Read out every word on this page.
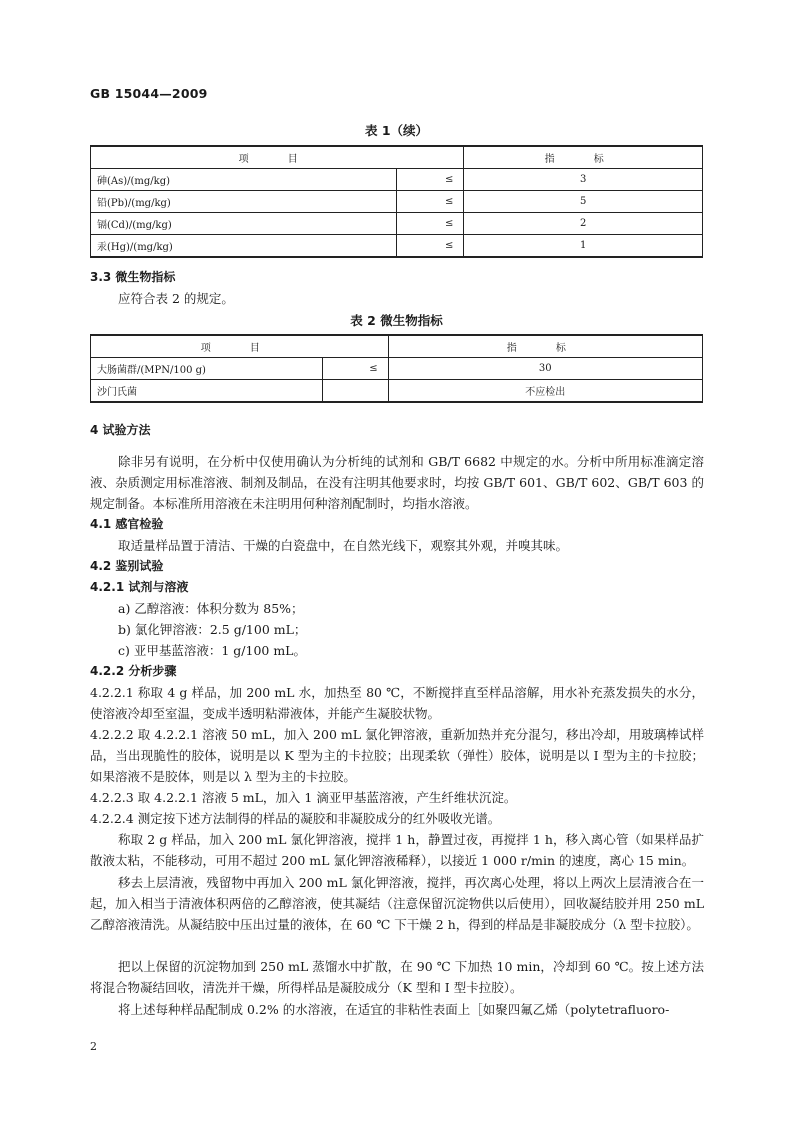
GB 15044—2009
表 1（续）
项 目		指 标
砷(As)/(mg/kg)	≤	3
铅(Pb)/(mg/kg)	≤	5
镉(Cd)/(mg/kg)	≤	2
汞(Hg)/(mg/kg)	≤	1
3.3 微生物指标
应符合表 2 的规定。
表 2 微生物指标
项 目		指 标
大肠菌群/(MPN/100 g)	≤	30
沙门氏菌		不应检出
4 试验方法
除非另有说明，在分析中仅使用确认为分析纯的试剂和 GB/T 6682 中规定的水。分析中所用标准滴定溶液、杂质测定用标准溶液、制剂及制品，在没有注明其他要求时，均按 GB/T 601、GB/T 602、GB/T 603 的规定制备。本标准所用溶液在未注明用何种溶剂配制时，均指水溶液。
4.1 感官检验
取适量样品置于清洁、干燥的白瓷盘中，在自然光线下，观察其外观，并嗅其味。
4.2 鉴别试验
4.2.1 试剂与溶液
a) 乙醇溶液：体积分数为 85%；
b) 氯化钾溶液：2.5 g/100 mL；
c) 亚甲基蓝溶液：1 g/100 mL。
4.2.2 分析步骤
4.2.2.1 称取 4 g 样品，加 200 mL 水，加热至 80 ℃，不断搅拌直至样品溶解，用水补充蒸发损失的水分，使溶液冷却至室温，变成半透明粘滞液体，并能产生凝胶状物。
4.2.2.2 取 4.2.2.1 溶液 50 mL，加入 200 mL 氯化钾溶液，重新加热并充分混匀，移出冷却，用玻璃棒试样品，当出现脆性的胶体，说明是以 K 型为主的卡拉胶；出现柔软（弹性）胶体，说明是以 I 型为主的卡拉胶；如果溶液不是胶体，则是以 λ 型为主的卡拉胶。
4.2.2.3 取 4.2.2.1 溶液 5 mL，加入 1 滴亚甲基蓝溶液，产生纤维状沉淀。
4.2.2.4 测定按下述方法制得的样品的凝胶和非凝胶成分的红外吸收光谱。
称取 2 g 样品，加入 200 mL 氯化钾溶液，搅拌 1 h，静置过夜，再搅拌 1 h，移入离心管（如果样品扩散液太粘，不能移动，可用不超过 200 mL 氯化钾溶液稀释），以接近 1 000 r/min 的速度，离心 15 min。
移去上层清液，残留物中再加入 200 mL 氯化钾溶液，搅拌，再次离心处理，将以上两次上层清液合在一起，加入相当于清液体积两倍的乙醇溶液，使其凝结（注意保留沉淀物供以后使用），回收凝结胶并用 250 mL 乙醇溶液清洗。从凝结胶中压出过量的液体，在 60 ℃ 下干燥 2 h，得到的样品是非凝胶成分（λ 型卡拉胶）。
把以上保留的沉淀物加到 250 mL 蒸馏水中扩散，在 90 ℃ 下加热 10 min，冷却到 60 ℃。按上述方法将混合物凝结回收，清洗并干燥，所得样品是凝胶成分（K 型和 I 型卡拉胶）。
将上述每种样品配制成 0.2% 的水溶液，在适宜的非粘性表面上［如聚四氟乙烯（polytetrafluoro-
2
